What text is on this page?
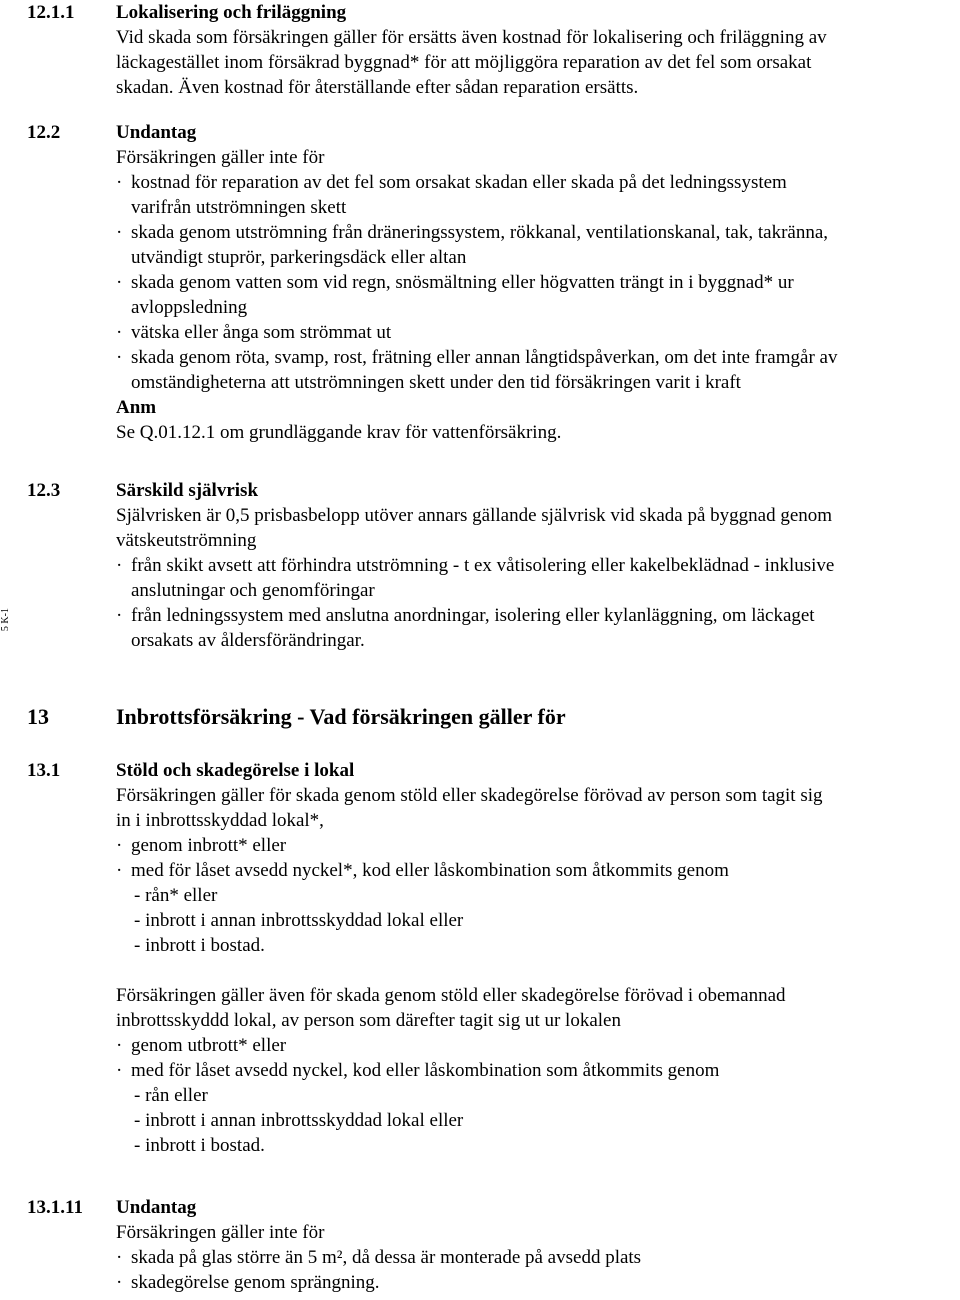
5 K-1
12.1.1 Lokalisering och friläggning
Vid skada som försäkringen gäller för ersätts även kostnad för lokalisering och friläggning av
läckagestället inom försäkrad byggnad* för att möjliggöra reparation av det fel som orsakat
skadan. Även kostnad för återställande efter sådan reparation ersätts.
12.2	Undantag
Försäkringen gäller inte för
· kostnad för reparation av det fel som orsakat skadan eller skada på det ledningssystem
varifrån utströmningen skett
· skada genom utströmning från dräneringssystem, rökkanal, ventilationskanal, tak, takränna,
utvändigt stuprör, parkeringsdäck eller altan
· skada genom vatten som vid regn, snösmältning eller högvatten trängt in i byggnad* ur
avloppsledning
· vätska eller ånga som strömmat ut
· skada genom röta, svamp, rost, frätning eller annan långtidspåverkan, om det inte framgår av
omständigheterna att utströmningen skett under den tid försäkringen varit i kraft
Anm
Se Q.01.12.1 om grundläggande krav för vattenförsäkring.
12.3	Särskild självrisk
Självrisken är 0,5 prisbasbelopp utöver annars gällande självrisk vid skada på byggnad genom
vätskeutströmning
· från skikt avsett att förhindra utströmning - t ex våtisolering eller kakelbeklädnad - inklusive
anslutningar och genomföringar
· från ledningssystem med anslutna anordningar, isolering eller kylanläggning, om läckaget
orsakats av åldersförändringar.
13	Inbrottsförsäkring - Vad försäkringen gäller för
13.1	Stöld och skadegörelse i lokal
Försäkringen gäller för skada genom stöld eller skadegörelse förövad av person som tagit sig
in i inbrottsskyddad lokal*,
· genom inbrott* eller
· med för låset avsedd nyckel*, kod eller låskombination som åtkommits genom
- rån* eller
- inbrott i annan inbrottsskyddad lokal eller
- inbrott i bostad.
Försäkringen gäller även för skada genom stöld eller skadegörelse förövad i obemannad
inbrottsskyddd lokal, av person som därefter tagit sig ut ur lokalen
· genom utbrott* eller
· med för låset avsedd nyckel, kod eller låskombination som åtkommits genom
- rån eller
- inbrott i annan inbrottsskyddad lokal eller
- inbrott i bostad.
13.1.11 Undantag
Försäkringen gäller inte för
· skada på glas större än 5 m², då dessa är monterade på avsedd plats
· skadegörelse genom sprängning.
